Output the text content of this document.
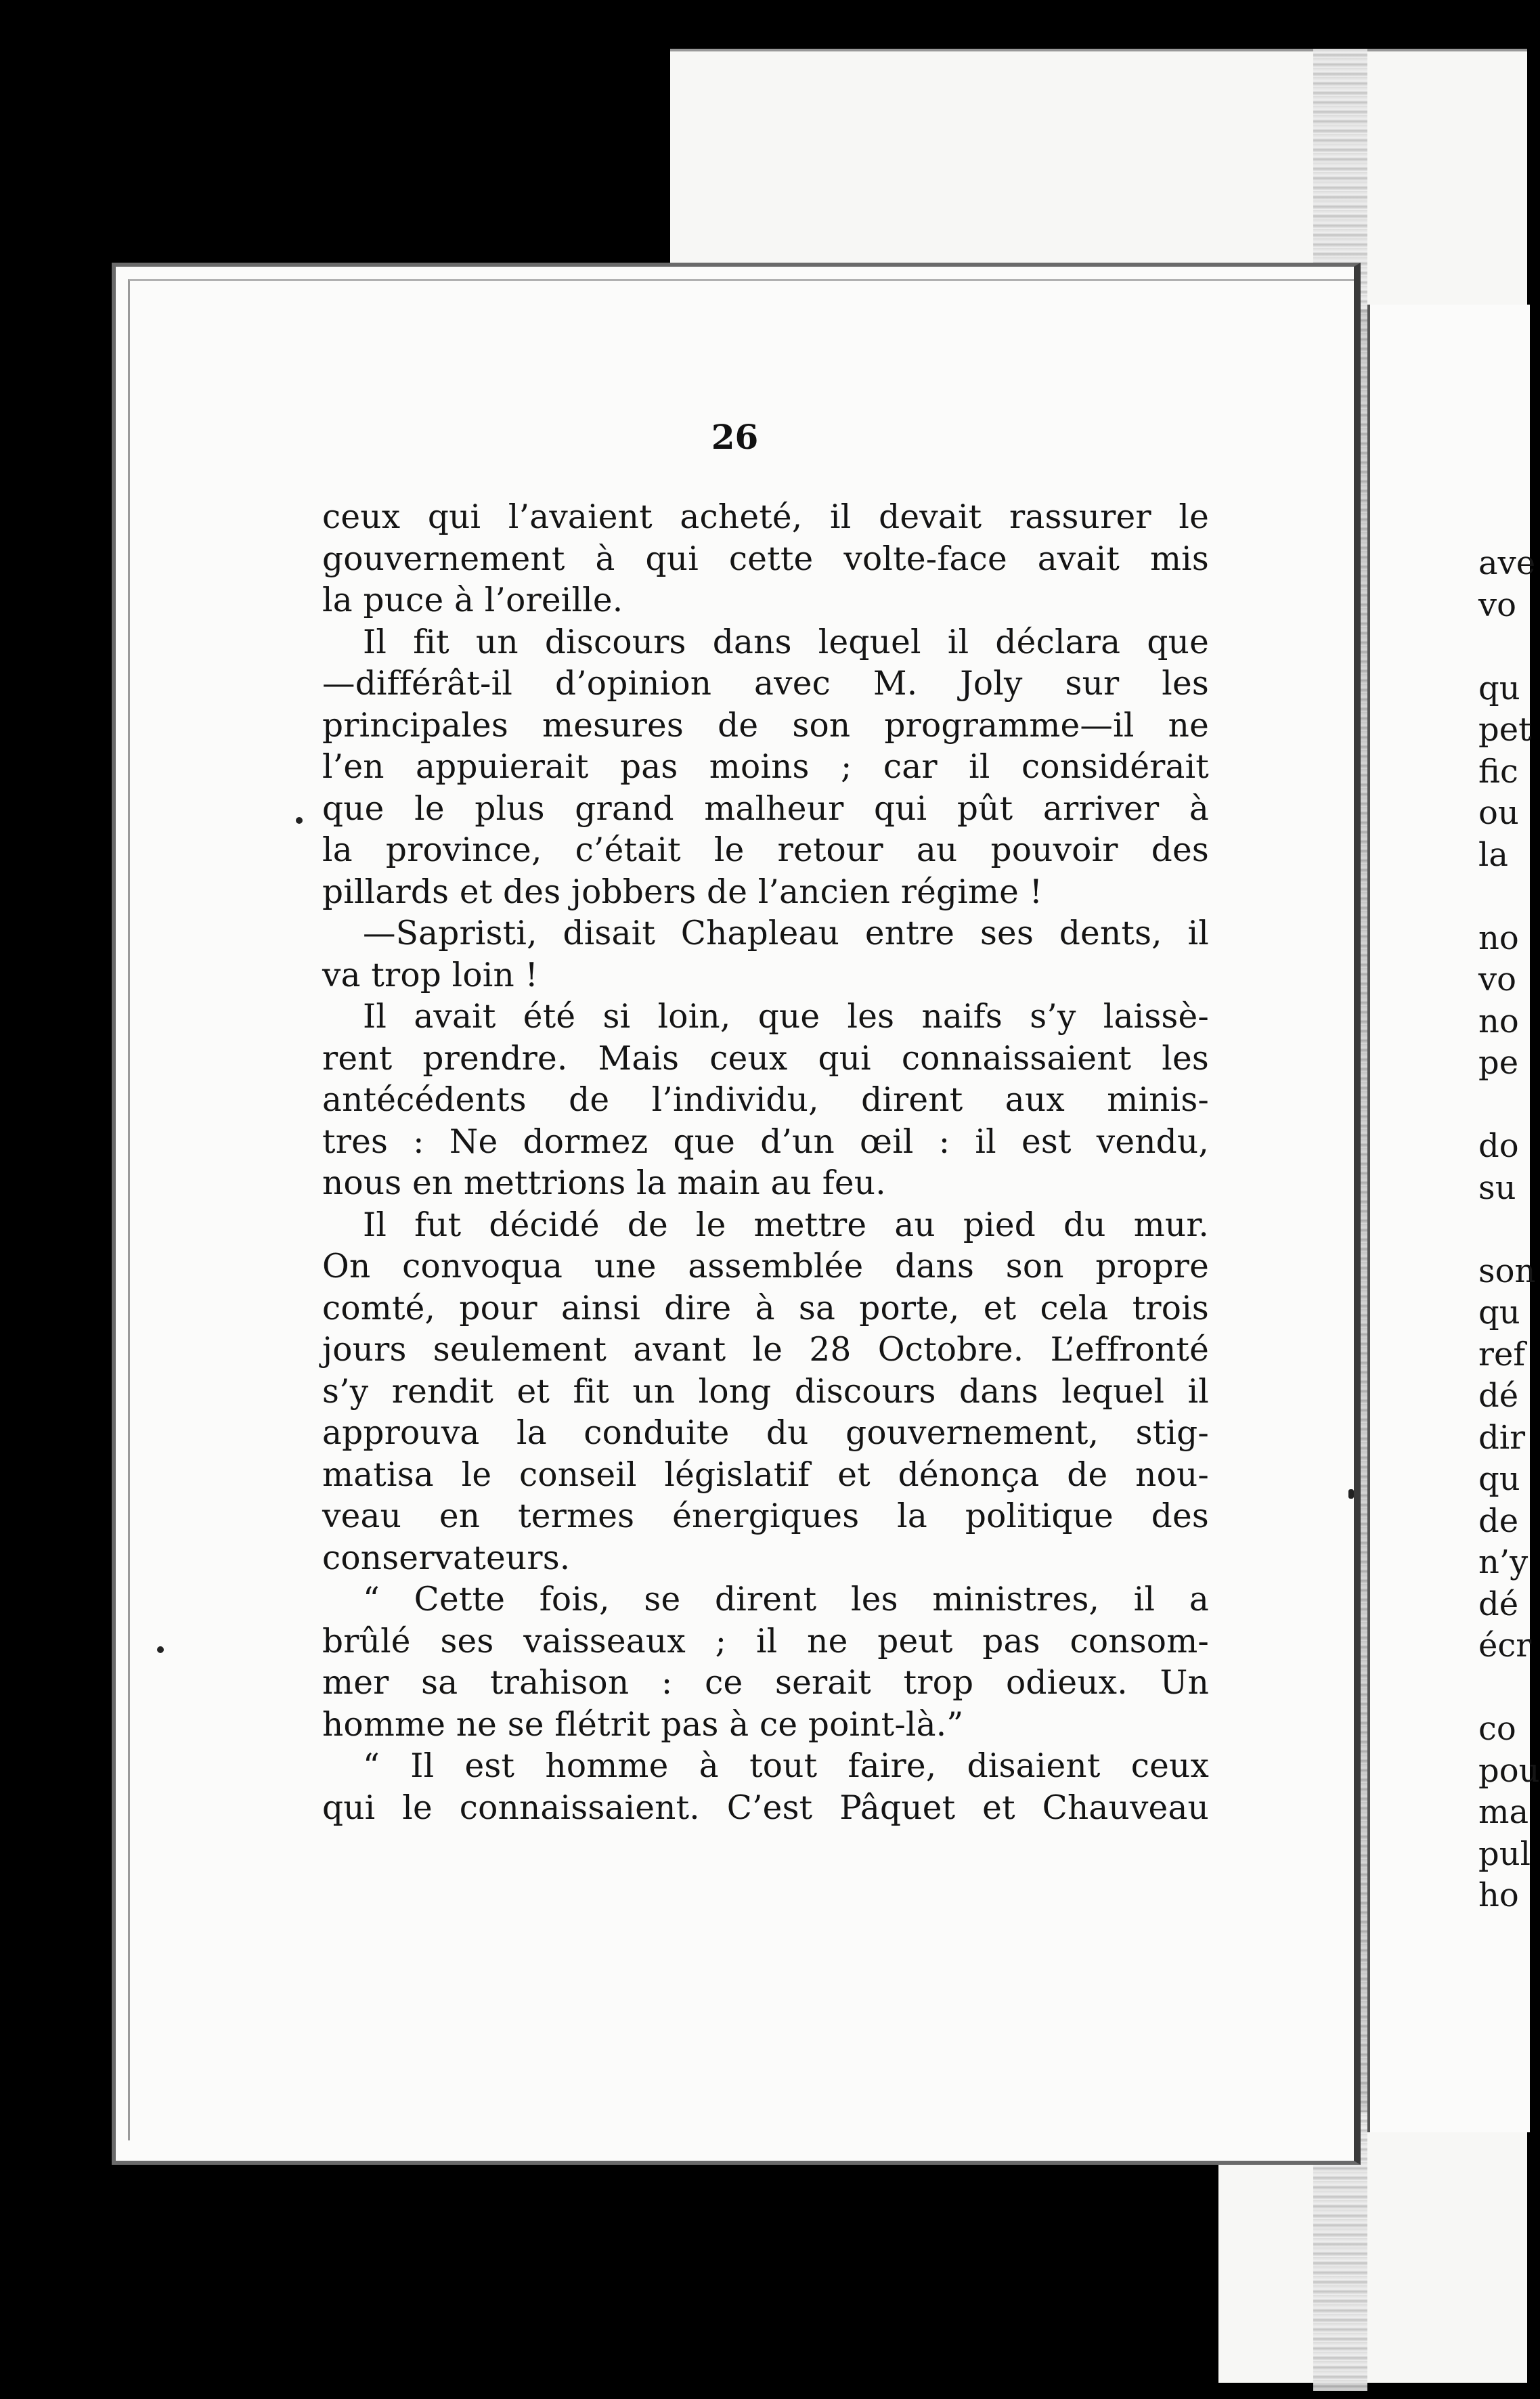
26
ceux qui l’avaient acheté, il devait rassurer le
gouvernement à qui cette volte-face avait mis
la puce à l’oreille.
Il fit un discours dans lequel il déclara que
—différât-il d’opinion avec M. Joly sur les
principales mesures de son programme—il ne
l’en appuierait pas moins ; car il considérait
que le plus grand malheur qui pût arriver à
la province, c’était le retour au pouvoir des
pillards et des jobbers de l’ancien régime !
—Sapristi, disait Chapleau entre ses dents, il
va trop loin !
Il avait été si loin, que les naifs s’y laissè-
rent prendre. Mais ceux qui connaissaient les
antécédents de l’individu, dirent aux minis-
tres : Ne dormez que d’un œil : il est vendu,
nous en mettrions la main au feu.
Il fut décidé de le mettre au pied du mur.
On convoqua une assemblée dans son propre
comté, pour ainsi dire à sa porte, et cela trois
jours seulement avant le 28 Octobre. L’effronté
s’y rendit et fit un long discours dans lequel il
approuva la conduite du gouvernement, stig-
matisa le conseil législatif et dénonça de nou-
veau en termes énergiques la politique des
conservateurs.
“ Cette fois, se dirent les ministres, il a
brûlé ses vaisseaux ; il ne peut pas consom-
mer sa trahison : ce serait trop odieux. Un
homme ne se flétrit pas à ce point-là.”
“ Il est homme à tout faire, disaient ceux
qui le connaissaient. C’est Pâquet et Chauveau
ave
vo

qu
pet
fic
ou
la

no
vo
no
pe

do
su

son
qu
ref
dé
dir
qu
de
n’y
dé
écr

co
pou
ma
pul
ho
